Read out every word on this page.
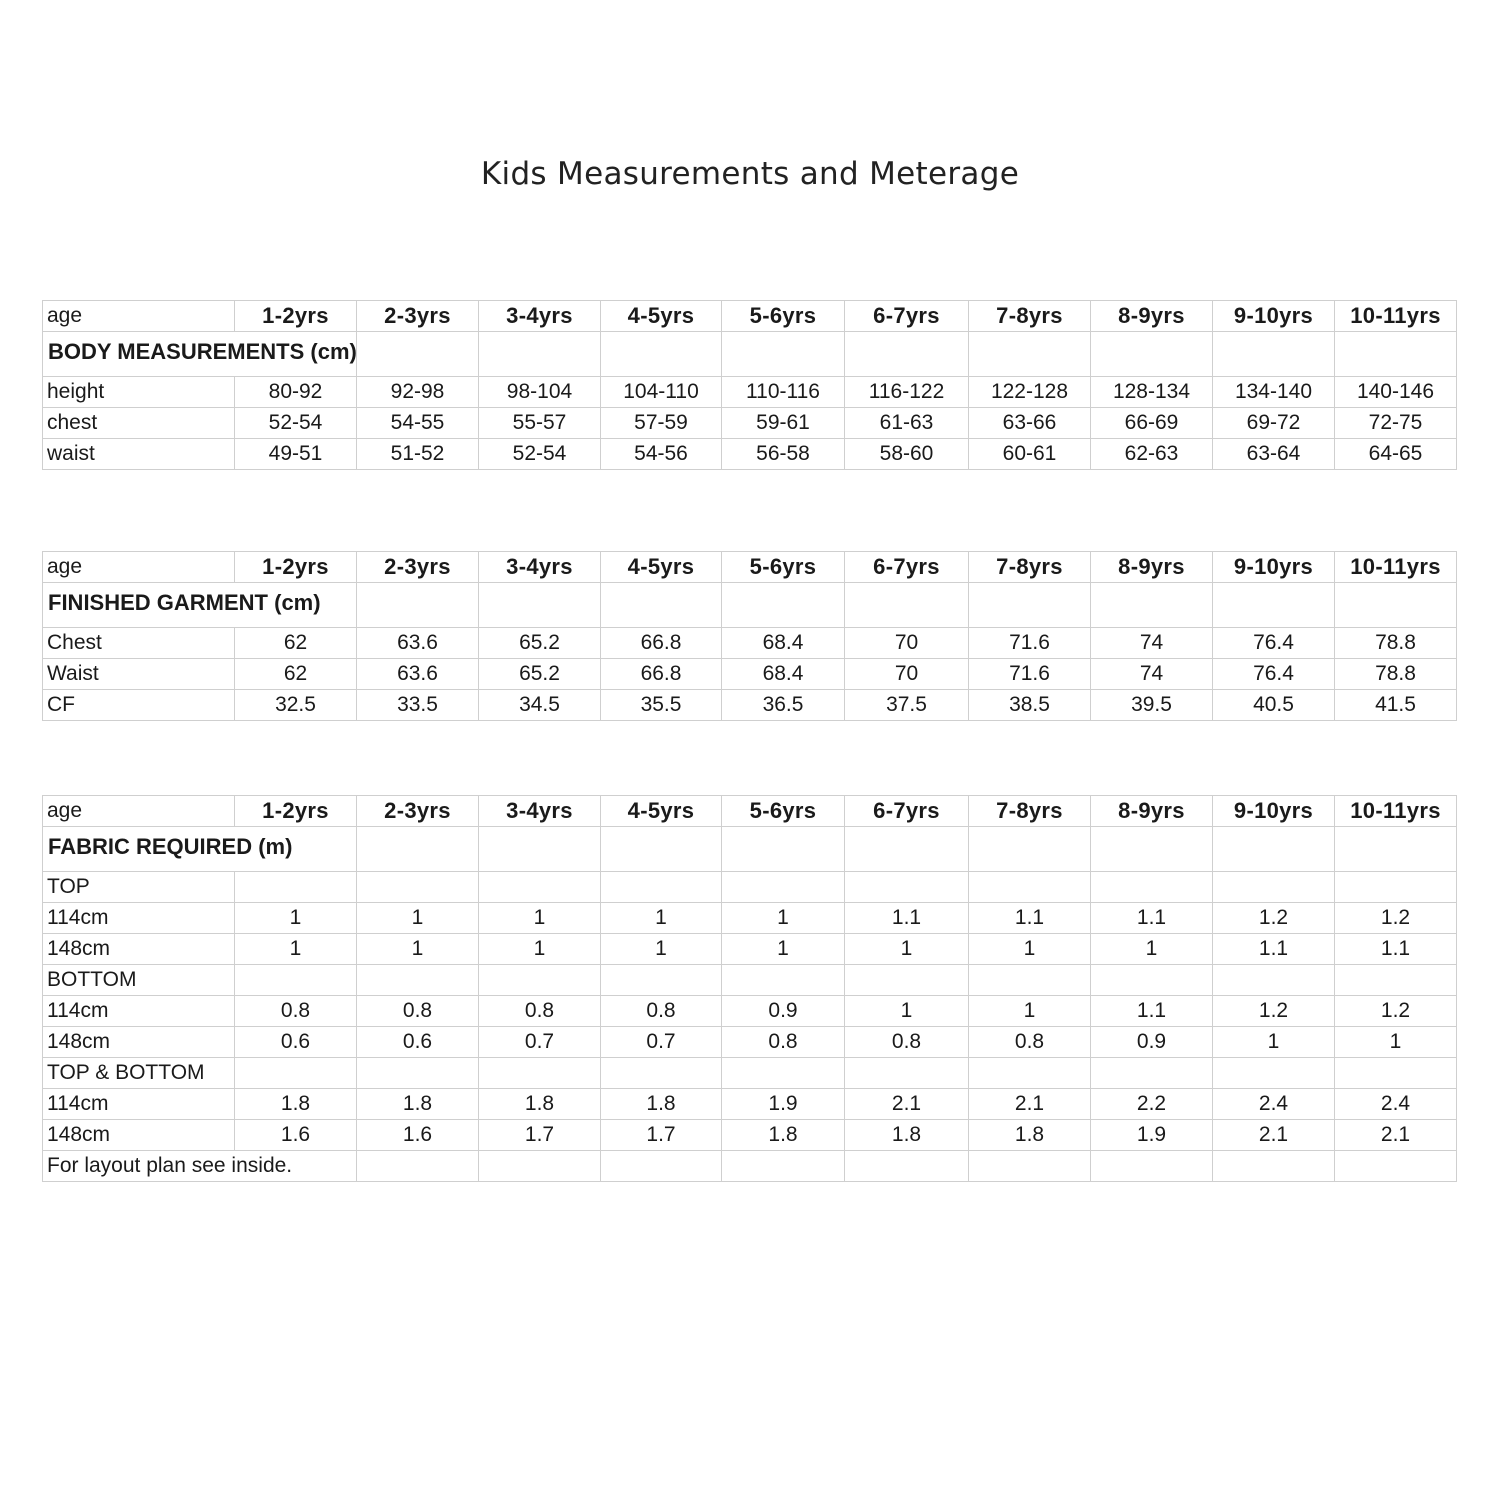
Kids Measurements and Meterage
age	1-2yrs	2-3yrs	3-4yrs	4-5yrs	5-6yrs	6-7yrs	7-8yrs	8-9yrs	9-10yrs	10-11yrs
BODY MEASUREMENTS (cm)										
height	80-92	92-98	98-104	104-110	110-116	116-122	122-128	128-134	134-140	140-146
chest	52-54	54-55	55-57	57-59	59-61	61-63	63-66	66-69	69-72	72-75
waist	49-51	51-52	52-54	54-56	56-58	58-60	60-61	62-63	63-64	64-65
age	1-2yrs	2-3yrs	3-4yrs	4-5yrs	5-6yrs	6-7yrs	7-8yrs	8-9yrs	9-10yrs	10-11yrs
FINISHED GARMENT (cm)										
Chest	62	63.6	65.2	66.8	68.4	70	71.6	74	76.4	78.8
Waist	62	63.6	65.2	66.8	68.4	70	71.6	74	76.4	78.8
CF	32.5	33.5	34.5	35.5	36.5	37.5	38.5	39.5	40.5	41.5
age	1-2yrs	2-3yrs	3-4yrs	4-5yrs	5-6yrs	6-7yrs	7-8yrs	8-9yrs	9-10yrs	10-11yrs
FABRIC REQUIRED (m)										
TOP										
114cm	1	1	1	1	1	1.1	1.1	1.1	1.2	1.2
148cm	1	1	1	1	1	1	1	1	1.1	1.1
BOTTOM										
114cm	0.8	0.8	0.8	0.8	0.9	1	1	1.1	1.2	1.2
148cm	0.6	0.6	0.7	0.7	0.8	0.8	0.8	0.9	1	1
TOP & BOTTOM										
114cm	1.8	1.8	1.8	1.8	1.9	2.1	2.1	2.2	2.4	2.4
148cm	1.6	1.6	1.7	1.7	1.8	1.8	1.8	1.9	2.1	2.1
For layout plan see inside.										
